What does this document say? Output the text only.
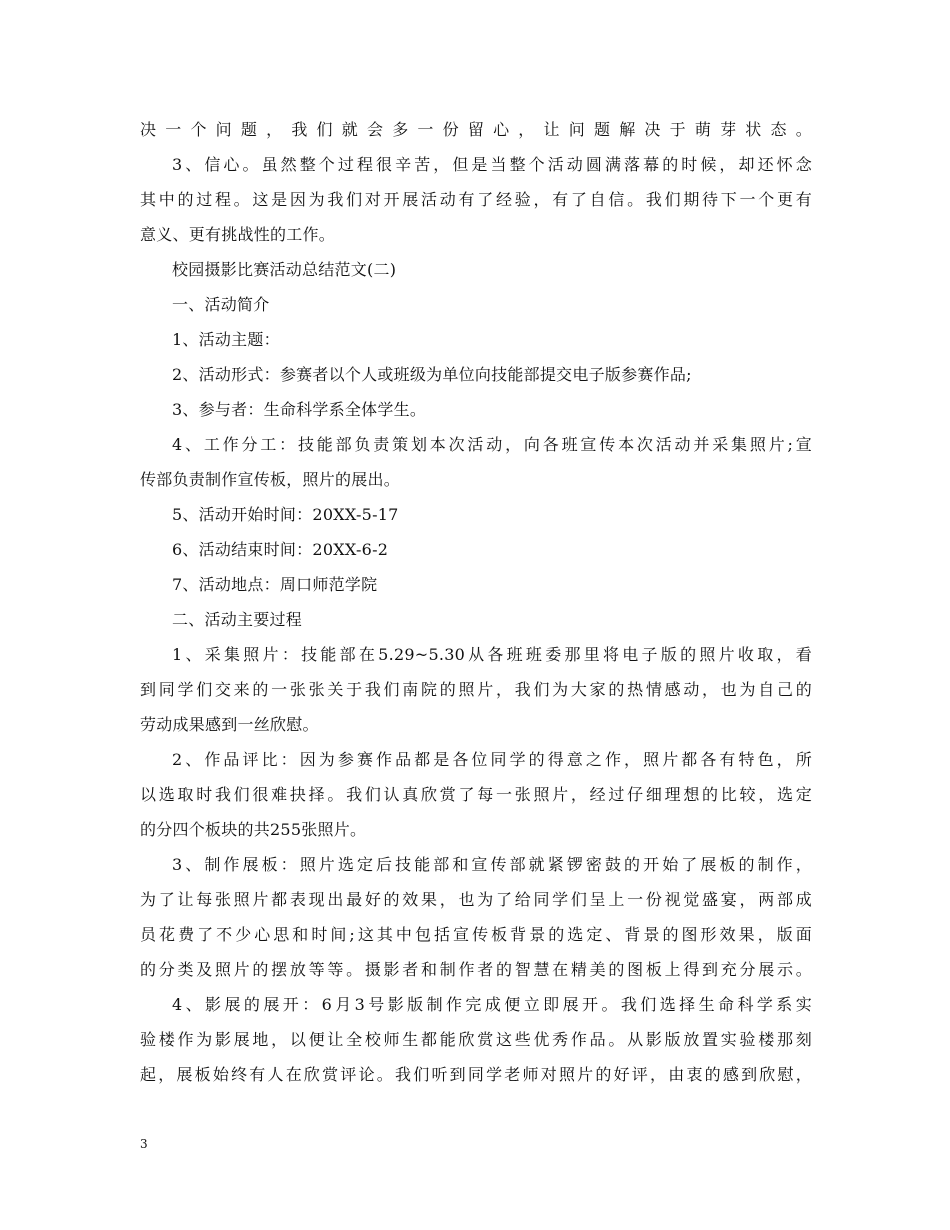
决一个问题，我们就会多一份留心，让问题解决于萌芽状态。
3、信心。虽然整个过程很辛苦，但是当整个活动圆满落幕的时候，却还怀念
其中的过程。这是因为我们对开展活动有了经验，有了自信。我们期待下一个更有
意义、更有挑战性的工作。
校园摄影比赛活动总结范文(二)
一、活动简介
1、活动主题：
2、活动形式：参赛者以个人或班级为单位向技能部提交电子版参赛作品;
3、参与者：生命科学系全体学生。
4、工作分工：技能部负责策划本次活动，向各班宣传本次活动并采集照片;宣
传部负责制作宣传板，照片的展出。
5、活动开始时间：20XX-5-17
6、活动结束时间：20XX-6-2
7、活动地点：周口师范学院
二、活动主要过程
1、采集照片：技能部在5.29~5.30从各班班委那里将电子版的照片收取，看
到同学们交来的一张张关于我们南院的照片，我们为大家的热情感动，也为自己的
劳动成果感到一丝欣慰。
2、作品评比：因为参赛作品都是各位同学的得意之作，照片都各有特色，所
以选取时我们很难抉择。我们认真欣赏了每一张照片，经过仔细理想的比较，选定
的分四个板块的共255张照片。
3、制作展板：照片选定后技能部和宣传部就紧锣密鼓的开始了展板的制作，
为了让每张照片都表现出最好的效果，也为了给同学们呈上一份视觉盛宴，两部成
员花费了不少心思和时间;这其中包括宣传板背景的选定、背景的图形效果，版面
的分类及照片的摆放等等。摄影者和制作者的智慧在精美的图板上得到充分展示。
4、影展的展开：6月3号影版制作完成便立即展开。我们选择生命科学系实
验楼作为影展地，以便让全校师生都能欣赏这些优秀作品。从影版放置实验楼那刻
起，展板始终有人在欣赏评论。我们听到同学老师对照片的好评，由衷的感到欣慰，
3
